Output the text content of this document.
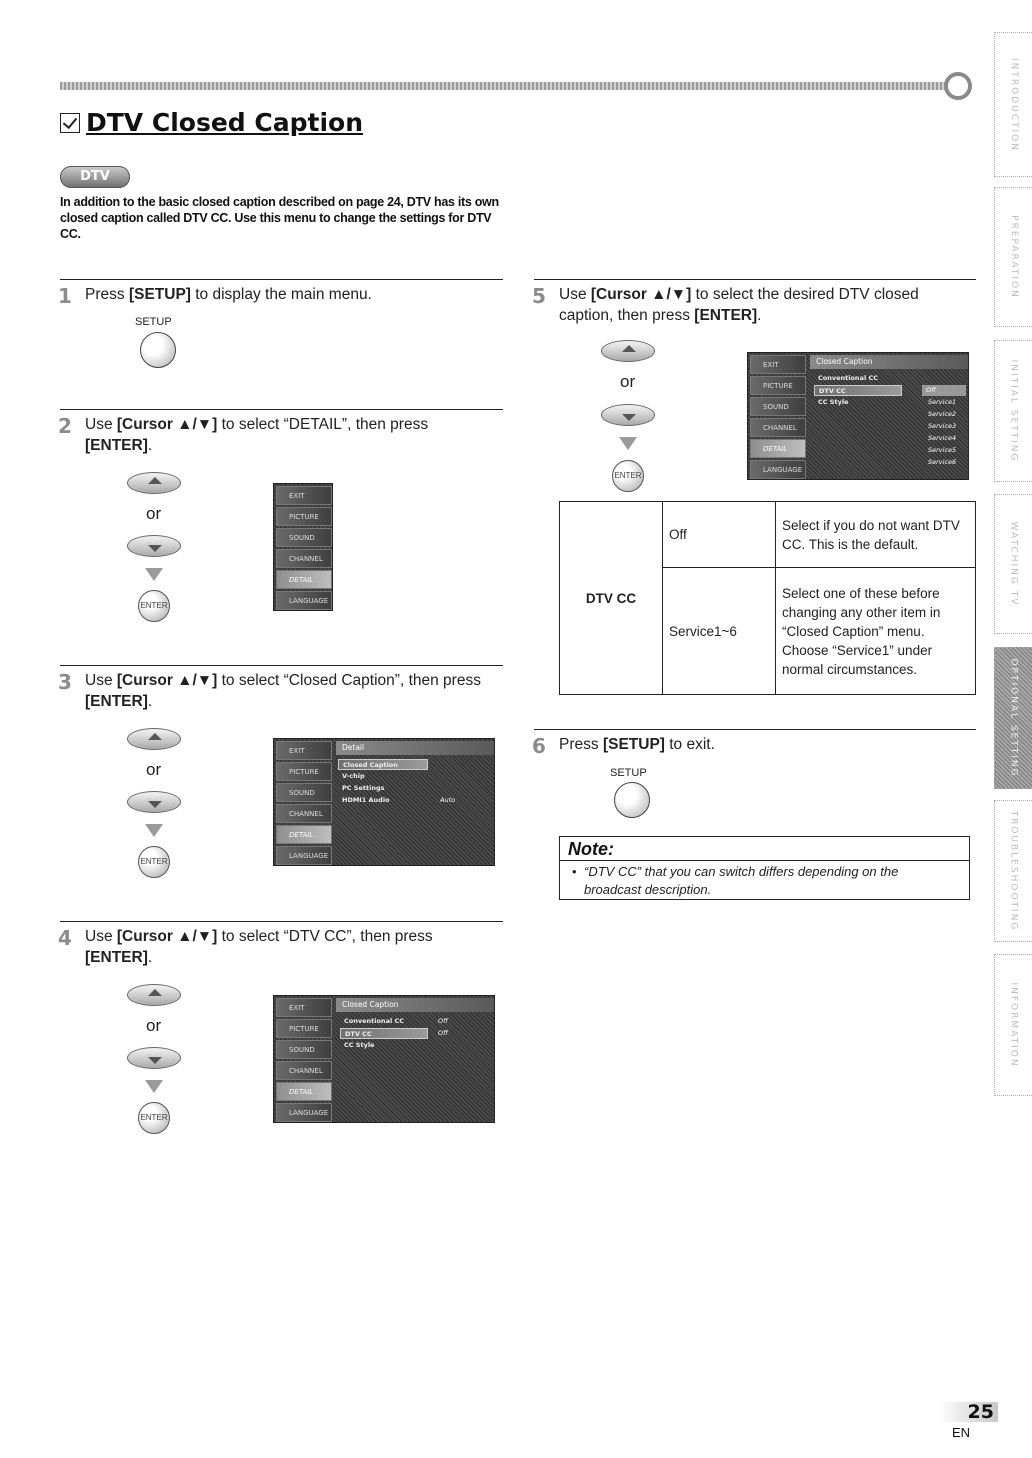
DTV Closed Caption
DTV
In addition to the basic closed caption described on page 24, DTV has its own closed caption called DTV CC. Use this menu to change the settings for DTV CC.
1 Press [SETUP] to display the main menu.
SETUP
2 Use [Cursor ▲/▼] to select “DETAIL”, then press [ENTER].
or
ENTER
EXIT
PICTURE
SOUND
CHANNEL
DETAIL
LANGUAGE
3 Use [Cursor ▲/▼] to select “Closed Caption”, then press [ENTER].
or
ENTER
EXIT
PICTURE
SOUND
CHANNEL
DETAIL
LANGUAGE
Detail
Closed Caption
V-chip
PC Settings
HDMI1 Audio	Auto
4 Use [Cursor ▲/▼] to select “DTV CC”, then press [ENTER].
or
ENTER
EXIT
PICTURE
SOUND
CHANNEL
DETAIL
LANGUAGE
Closed Caption
Conventional CC
DTV CC
CC Style
Off
Off
5 Use [Cursor ▲/▼] to select the desired DTV closed caption, then press [ENTER].
or
ENTER
EXIT
PICTURE
SOUND
CHANNEL
DETAIL
LANGUAGE
Closed Caption
Conventional CC
DTV CC
CC Style
Off
Service1
Service2
Service3
Service4
Service5
Service6
DTV CC	Off	Select if you do not want DTV CC. This is the default.
	Service1~6	Select one of these before changing any other item in “Closed Caption” menu. Choose “Service1” under normal circumstances.
6 Press [SETUP] to exit.
SETUP
Note:
• “DTV CC” that you can switch differs depending on the broadcast description.
INTRODUCTION
PREPARATION
INITIAL SETTING
WATCHING TV
OPTIONAL SETTING
TROUBLESHOOTING
INFORMATION
25
EN
